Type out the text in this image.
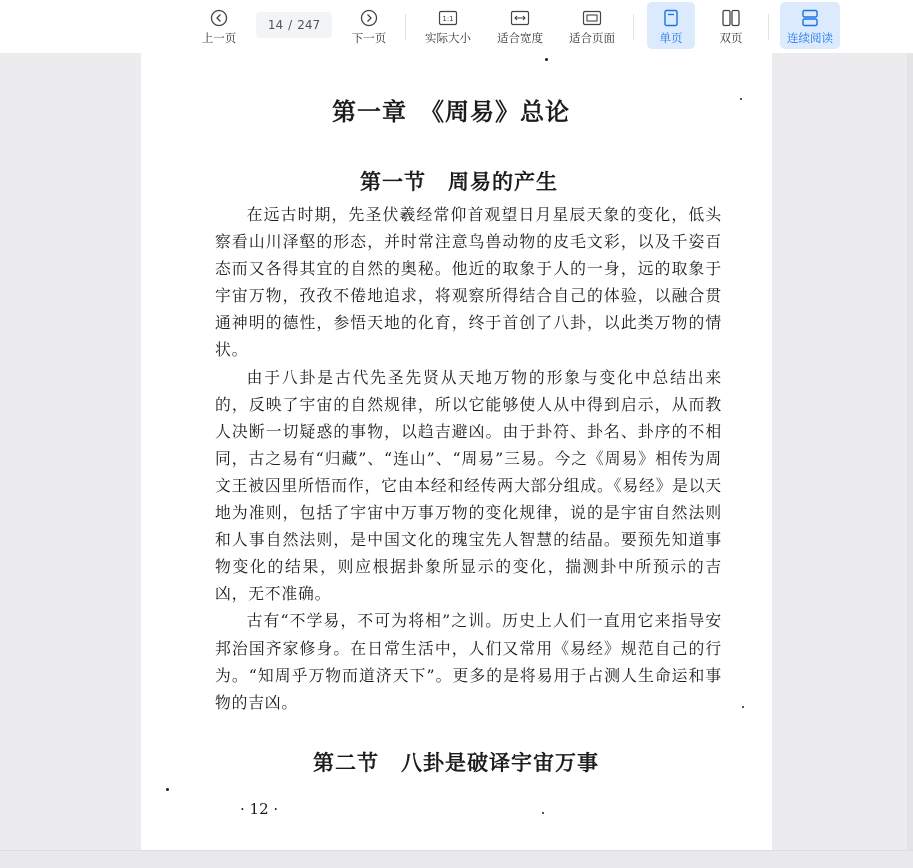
上一页
14 / 247
下一页
1:1
实际大小 适合宽度 适合页面	单页	双页	连续阅读
第一章　《周易》总论
第一节　周易的产生

在远古时期，先圣伏羲经常仰首观望日月星辰天象的变化，低头察看山川泽壑的形态，并时常注意鸟兽动物的皮毛文彩，以及千姿百态而又各得其宜的自然的奥秘。他近的取象于人的一身，远的取象于宇宙万物，孜孜不倦地追求，将观察所得结合自己的体验，以融合贯通神明的德性，参悟天地的化育，终于首创了八卦，以此类万物的情状。

由于八卦是古代先圣先贤从天地万物的形象与变化中总结出来的，反映了宇宙的自然规律，所以它能够使人从中得到启示，从而教人决断一切疑惑的事物，以趋吉避凶。由于卦符、卦名、卦序的不相同，古之易有“归藏”、“连山”、“周易”三易。今之《周易》相传为周文王被囚里所悟而作，它由本经和经传两大部分组成。《易经》是以天地为准则，包括了宇宙中万事万物的变化规律，说的是宇宙自然法则和人事自然法则，是中国文化的瑰宝先人智慧的结晶。要预先知道事物变化的结果，则应根据卦象所显示的变化，揣测卦中所预示的吉凶，无不准确。

古有“不学易，不可为将相”之训。历史上人们一直用它来指导安邦治国齐家修身。在日常生活中，人们又常用《易经》规范自己的行为。“知周乎万物而道济天下”。更多的是将易用于占测人生命运和事物的吉凶。

第二节　八卦是破译宇宙万事
· 12 ·
